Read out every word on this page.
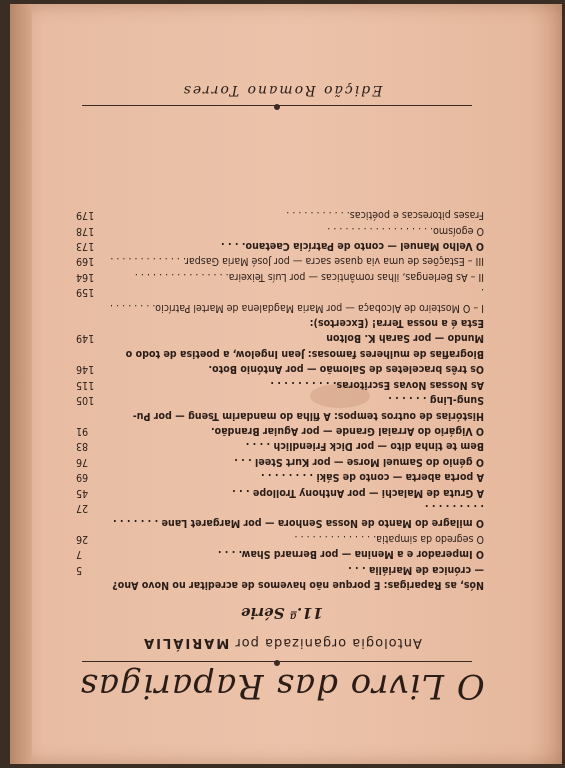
O Livro das Raparigas
Antologia organizada por MARIÁLIA
11.ª Série
Nós, as Raparigas: E porque não havemos de acreditar no Novo Ano? — crónica de Mariália . . .
5
O Imperador e a Menina — por Bernard Shaw. . . .
7
O segredo da simpatia. . . . . . . . . . . . . .
26
O milagre do Manto de Nossa Senhora — por Margaret Lane . . . . . . . . . . . . . . . .
27
A Gruta de Malachi — por Anthony Trollope . . .
45
A porta aberta — conto de Sáki . . . . . . . .
69
O génio do Samuel Morse — por Kurt Steel . . .
76
Bem te tinha dito — por Dick Friendlich . . . .
83
O Vigário do Arraial Grande — por Aguiar Brandão.
91
Histórias de outros tempos: A filha do mandarim Tseng — por Pu-Sung-Ling . . . . . .
105
As Nossas Novas Escritoras. . . . . . . . . .
115
Os três braceletes de Salomão — por António Boto.
146
Biografias de mulheres famosas: Jean Ingelow, a poetisa de todo o Mundo — por Sarah K. Bolton
149
Esta é a nossa Terra! (Excertos):
I – O Mosteiro de Alcobaça — por Maria Magdalena de Martel Patrício. . . . . . . . .
159
II – As Berlengas, ilhas românticas — por Luís Teixeira. . . . . . . . . . . . . . . .
164
III – Estações de uma via quase sacra — por José Maria Gaspar. . . . . . . . . . . . .
169
O Velho Manuel — conto de Patrícia Caetano. . . .
173
O egoísmo. . . . . . . . . . . . . . . . . .
178
Frases pitorescas e poéticas. . . . . . . . . . .
179
Edição Romano Torres
